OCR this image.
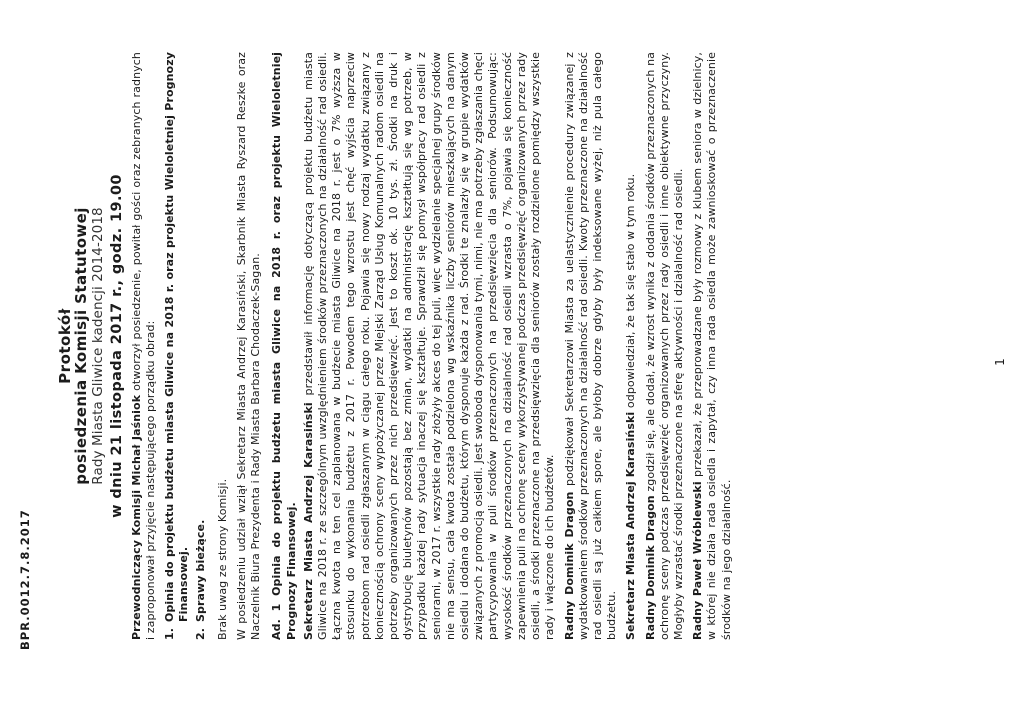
BPR.0012.7.8.2017
Protokół
posiedzenia Komisji Statutowej Rady Miasta Gliwice kadencji 2014-2018 w dniu 21 listopada 2017 r., godz. 19.00 Przewodniczący Komisji Michał Jaśniok otworzył posiedzenie, powitał gości oraz zebranych radnych i zaproponował przyjęcie następującego porządku obrad: 1.
Opinia do projektu budżetu miasta Gliwice na 2018 r. oraz projektu Wieloletniej Prognozy Finansowej.
2.
Sprawy bieżące. Brak uwag ze strony Komisji. W posiedzeniu udział wziął Sekretarz Miasta Andrzej Karasiński, Skarbnik Miasta Ryszard Reszke oraz Naczelnik Biura Prezydenta i Rady Miasta Barbara Chodaczek-Sagan. Ad. 1 Opinia do projektu budżetu miasta Gliwice na 2018 r. oraz projektu Wieloletniej Prognozy Finansowej. Sekretarz Miasta Andrzej Karasiński przedstawił informację dotyczącą projektu budżetu miasta Gliwice na 2018 r. ze szczególnym uwzględnieniem środków przeznaczonych na działalność rad osiedli. Łączna kwota na ten cel zaplanowana w budżecie miasta Gliwice na 2018 r. jest o 7% wyższa w stosunku do wykonania budżetu z 2017 r. Powodem tego wzrostu jest chęć wyjścia naprzeciw potrzebom rad osiedli zgłaszanym w ciągu całego roku. Pojawia się nowy rodzaj wydatku związany z koniecznością ochrony sceny wypożyczanej przez Miejski Zarząd Usług Komunalnych radom osiedli na potrzeby organizowanych przez nich przedsięwzięć. Jest to koszt ok. 10 tys. zł. Środki na druk i dystrybucję biuletynów pozostają bez zmian, wydatki na administrację kształtują się wg potrzeb, w przypadku każdej rady sytuacja inaczej się kształtuje. Sprawdził się pomysł współpracy rad osiedli z seniorami, w 2017 r. wszystkie rady złożyły akces do tej puli, więc wydzielanie specjalnej grupy środków nie ma sensu, cała kwota została podzielona wg wskaźnika liczby seniorów mieszkających na danym osiedlu i dodana do budżetu, którym dysponuje każda z rad. Środki te znalazły się w grupie wydatków związanych z promocją osiedli. Jest swoboda dysponowania tymi, nimi, nie ma potrzeby zgłaszania chęci partycypowania w puli środków przeznaczonych na przedsięwzięcia dla seniorów. Podsumowując: wysokość środków przeznaczonych na działalność rad osiedli wzrasta o 7%, pojawia się konieczność zapewnienia puli na ochronę sceny wykorzystywanej podczas przedsięwzięć organizowanych przez rady osiedli, a środki przeznaczone na przedsięwzięcia dla seniorów zostały rozdzielone pomiędzy wszystkie rady i włączone do ich budżetów. Radny Dominik Dragon podziękował Sekretarzowi Miasta za uelastycznienie procedury związanej z wydatkowaniem środków przeznaczonych na działalność rad osiedli. Kwoty przeznaczone na działalność rad osiedli są już całkiem spore, ale byłoby dobrze gdyby były indeksowane wyżej, niż pula całego budżetu. Sekretarz Miasta Andrzej Karasiński odpowiedział, że tak się stało w tym roku.

Radny Dominik Dragon zgodził się, ale dodał, że wzrost wynika z dodania środków przeznaczonych na ochronę sceny podczas przedsięwzięć organizowanych przez rady osiedli i inne obiektywne przyczyny. Mogłyby wzrastać środki przeznaczone na sferę aktywności i działalność rad osiedli. Radny Paweł Wróblewski przekazał, że przeprowadzane były rozmowy z klubem seniora w dzielnicy, w której nie działa rada osiedla i zapytał, czy inna rada osiedla może zawnioskować o przeznaczenie środków na jego działalność.

1
